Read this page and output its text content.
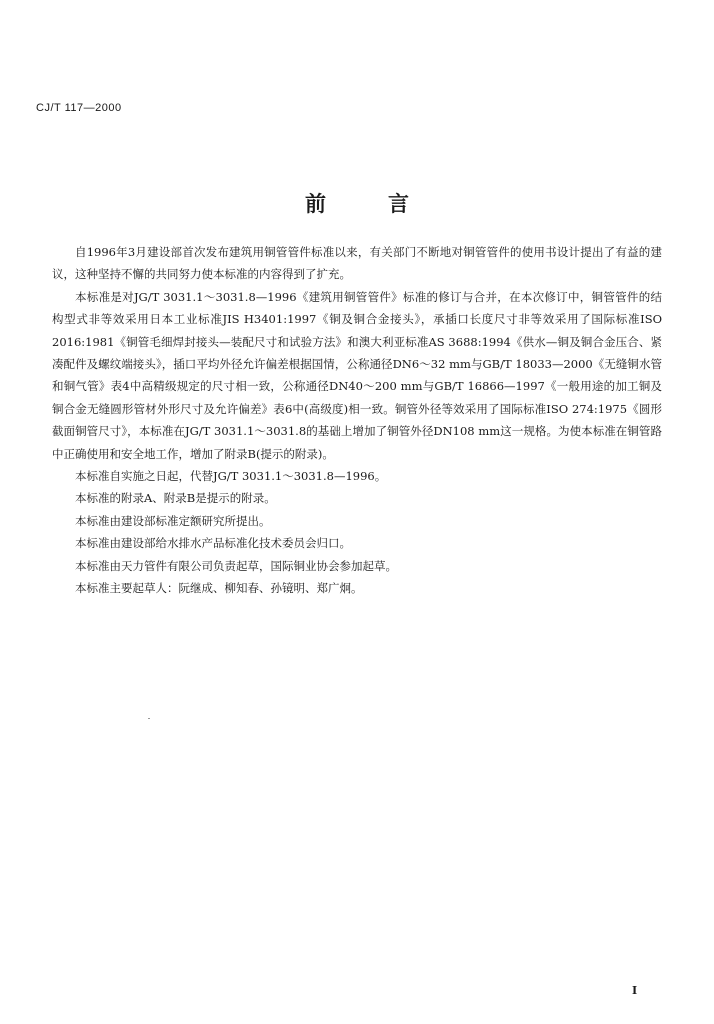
CJ/T 117—2000
前言

自1996年3月建设部首次发布建筑用铜管管件标准以来，有关部门不断地对铜管管件的使用书设计提出了有益的建议，这种坚持不懈的共同努力使本标准的内容得到了扩充。

本标准是对JG/T 3031.1～3031.8—1996《建筑用铜管管件》标准的修订与合并，在本次修订中，铜管管件的结构型式非等效采用日本工业标准JIS H3401:1997《铜及铜合金接头》，承插口长度尺寸非等效采用了国际标准ISO 2016:1981《铜管毛细焊封接头—装配尺寸和试验方法》和澳大利亚标准AS 3688:1994《供水—铜及铜合金压合、紧凑配件及螺纹端接头》，插口平均外径允许偏差根据国情，公称通径DN6～32 mm与GB/T 18033—2000《无缝铜水管和铜气管》表4中高精级规定的尺寸相一致，公称通径DN40～200 mm与GB/T 16866—1997《一般用途的加工铜及铜合金无缝圆形管材外形尺寸及允许偏差》表6中(高级度)相一致。铜管外径等效采用了国际标准ISO 274:1975《圆形截面铜管尺寸》，本标准在JG/T 3031.1～3031.8的基础上增加了铜管外径DN108 mm这一规格。为使本标准在铜管路中正确使用和安全地工作，增加了附录B(提示的附录)。

本标准自实施之日起，代替JG/T 3031.1～3031.8—1996。

本标准的附录A、附录B是提示的附录。

本标准由建设部标准定额研究所提出。

本标准由建设部给水排水产品标准化技术委员会归口。

本标准由天力管件有限公司负责起草，国际铜业协会参加起草。

本标准主要起草人：阮继成、柳知春、孙镜明、郑广炯。

I
